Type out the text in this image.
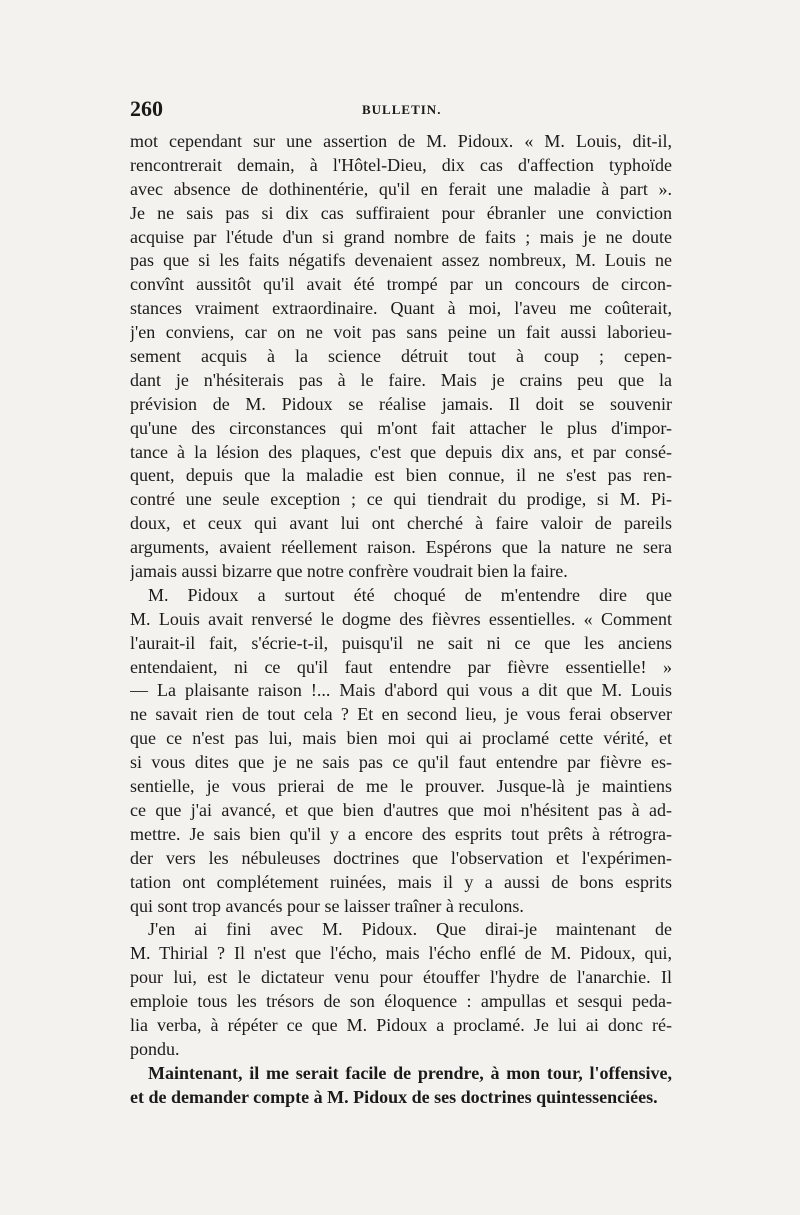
260	BULLETIN.
mot cependant sur une assertion de M. Pidoux. « M. Louis, dit-il,
rencontrerait demain, à l'Hôtel-Dieu, dix cas d'affection typhoïde
avec absence de dothinentérie, qu'il en ferait une maladie à part ».
Je ne sais pas si dix cas suffiraient pour ébranler une conviction
acquise par l'étude d'un si grand nombre de faits ; mais je ne doute
pas que si les faits négatifs devenaient assez nombreux, M. Louis ne
convînt aussitôt qu'il avait été trompé par un concours de circon-
stances vraiment extraordinaire. Quant à moi, l'aveu me coûterait,
j'en conviens, car on ne voit pas sans peine un fait aussi laborieu-
sement acquis à la science détruit tout à coup ; cepen-
dant je n'hésiterais pas à le faire. Mais je crains peu que la
prévision de M. Pidoux se réalise jamais. Il doit se souvenir
qu'une des circonstances qui m'ont fait attacher le plus d'impor-
tance à la lésion des plaques, c'est que depuis dix ans, et par consé-
quent, depuis que la maladie est bien connue, il ne s'est pas ren-
contré une seule exception ; ce qui tiendrait du prodige, si M. Pi-
doux, et ceux qui avant lui ont cherché à faire valoir de pareils
arguments, avaient réellement raison. Espérons que la nature ne sera
jamais aussi bizarre que notre confrère voudrait bien la faire.
M. Pidoux a surtout été choqué de m'entendre dire que
M. Louis avait renversé le dogme des fièvres essentielles. « Comment
l'aurait-il fait, s'écrie-t-il, puisqu'il ne sait ni ce que les anciens
entendaient, ni ce qu'il faut entendre par fièvre essentielle! »
— La plaisante raison !... Mais d'abord qui vous a dit que M. Louis
ne savait rien de tout cela ? Et en second lieu, je vous ferai observer
que ce n'est pas lui, mais bien moi qui ai proclamé cette vérité, et
si vous dites que je ne sais pas ce qu'il faut entendre par fièvre es-
sentielle, je vous prierai de me le prouver. Jusque-là je maintiens
ce que j'ai avancé, et que bien d'autres que moi n'hésitent pas à ad-
mettre. Je sais bien qu'il y a encore des esprits tout prêts à rétrogra-
der vers les nébuleuses doctrines que l'observation et l'expérimen-
tation ont complétement ruinées, mais il y a aussi de bons esprits
qui sont trop avancés pour se laisser traîner à reculons.
J'en ai fini avec M. Pidoux. Que dirai-je maintenant de
M. Thirial ? Il n'est que l'écho, mais l'écho enflé de M. Pidoux, qui,
pour lui, est le dictateur venu pour étouffer l'hydre de l'anarchie. Il
emploie tous les trésors de son éloquence : ampullas et sesqui peda-
lia verba, à répéter ce que M. Pidoux a proclamé. Je lui ai donc ré-
pondu.
Maintenant, il me serait facile de prendre, à mon tour, l'offensive,
et de demander compte à M. Pidoux de ses doctrines quintessenciées.
